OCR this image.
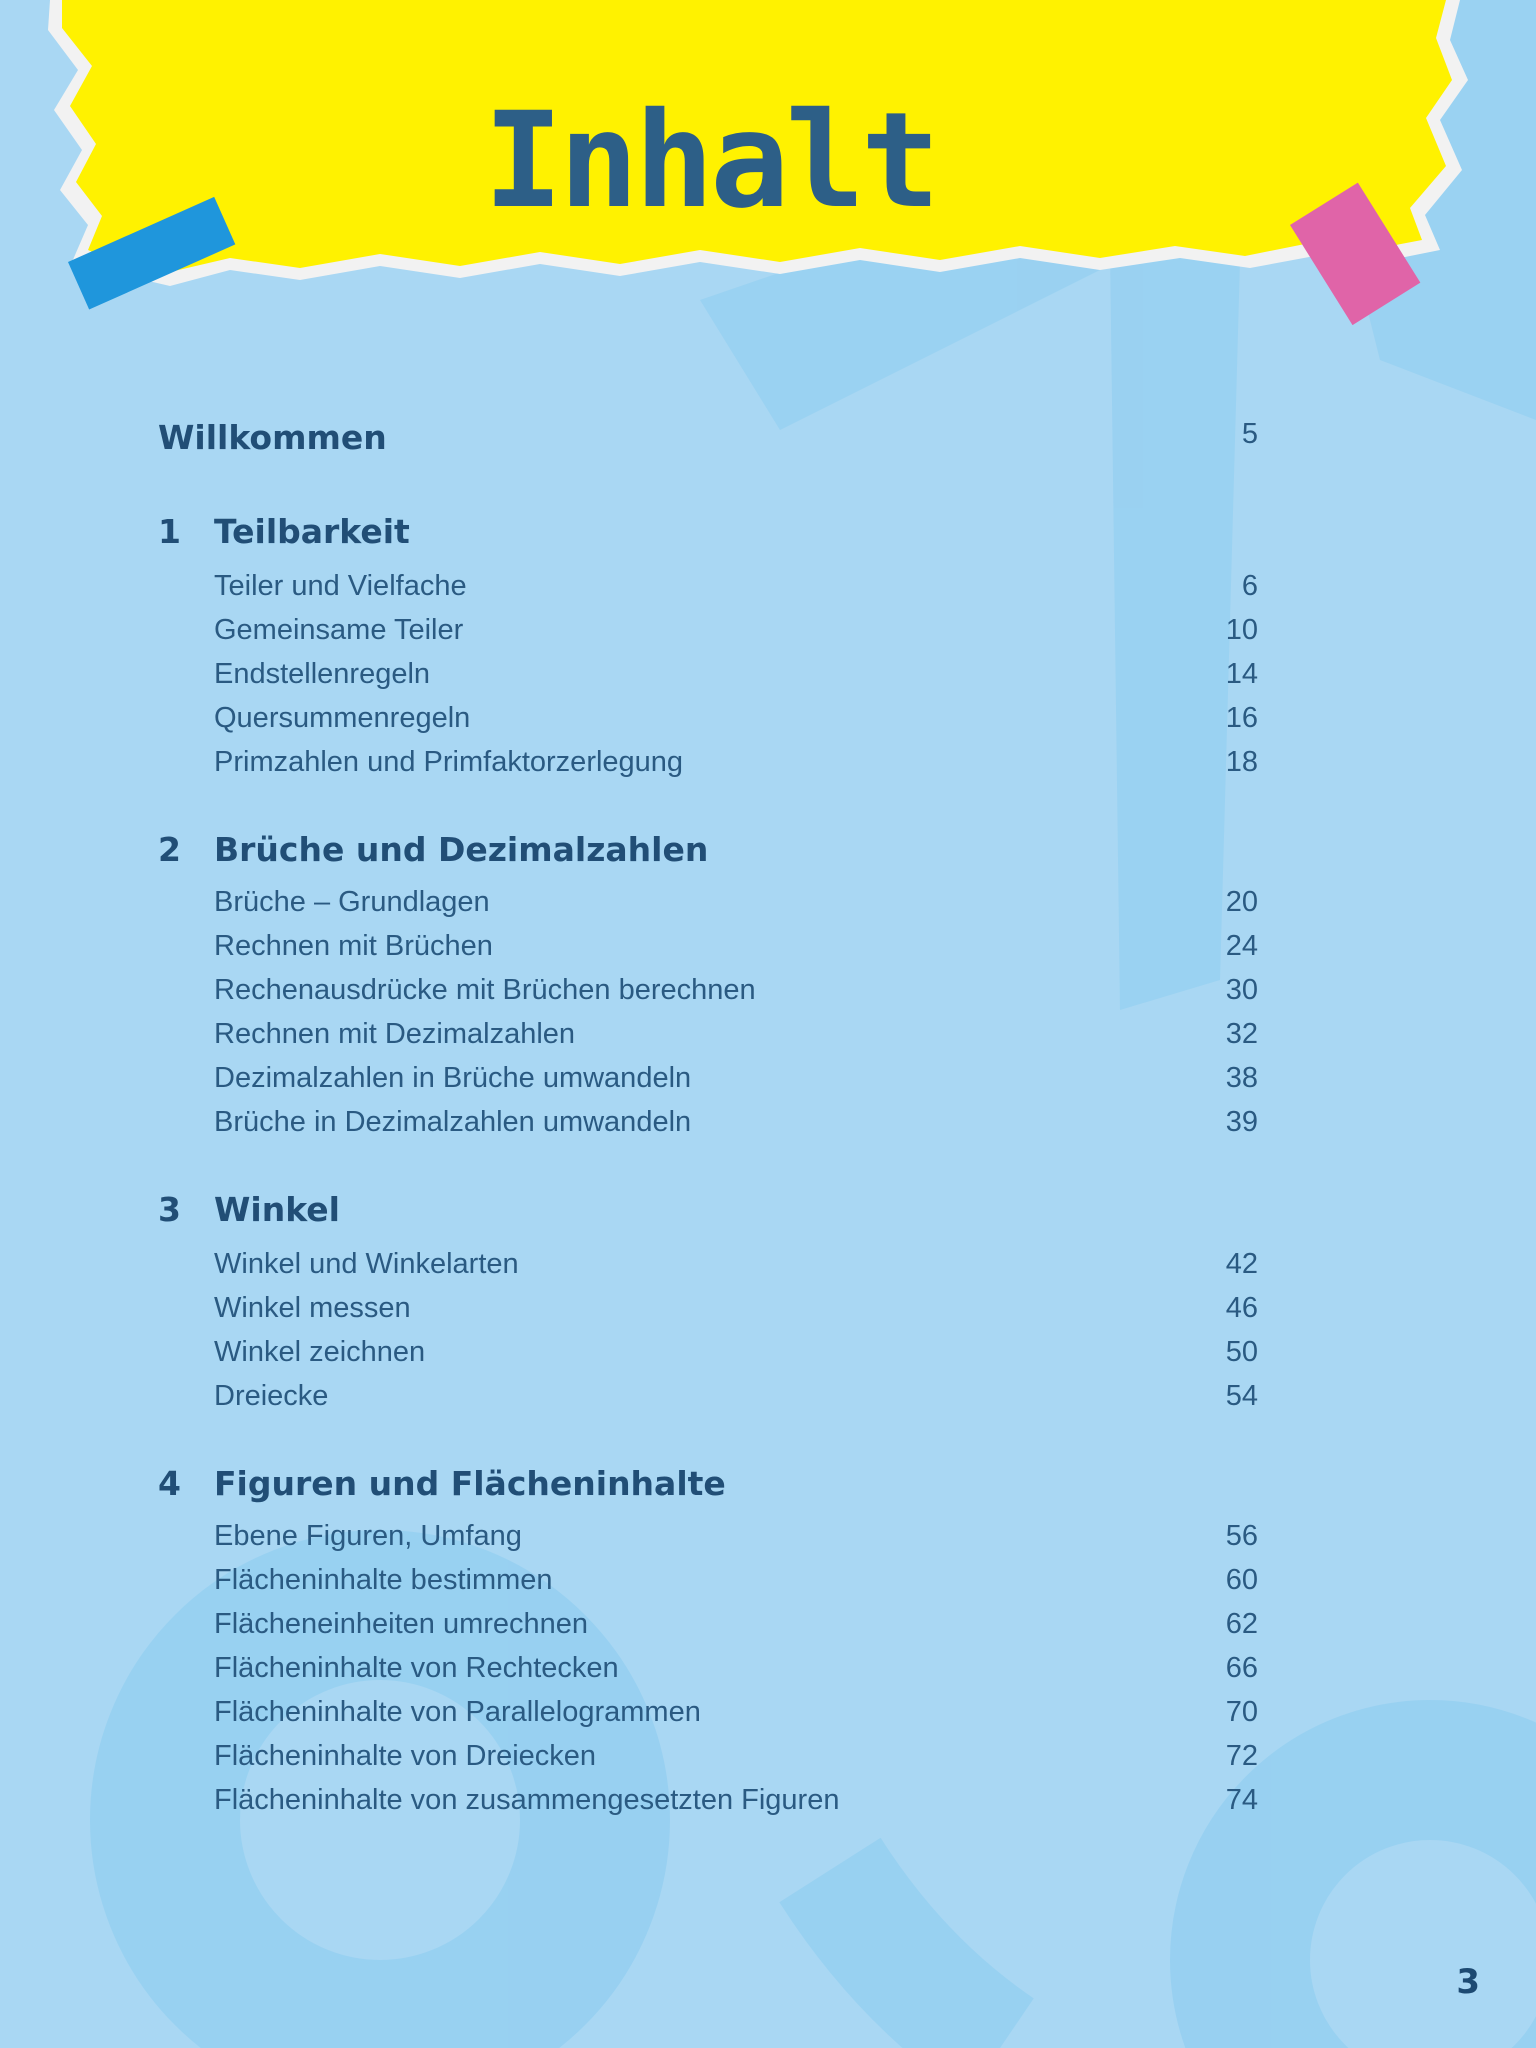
Inhalt
Willkommen	5
1 Teilbarkeit
Teiler und Vielfache	6
Gemeinsame Teiler	10
Endstellenregeln	14
Quersummenregeln	16
Primzahlen und Primfaktorzerlegung	18
2 Brüche und Dezimalzahlen
Brüche – Grundlagen	20
Rechnen mit Brüchen	24
Rechenausdrücke mit Brüchen berechnen	30
Rechnen mit Dezimalzahlen	32
Dezimalzahlen in Brüche umwandeln	38
Brüche in Dezimalzahlen umwandeln	39
3 Winkel
Winkel und Winkelarten	42
Winkel messen	46
Winkel zeichnen	50
Dreiecke	54
4 Figuren und Flächeninhalte
Ebene Figuren, Umfang	56
Flächeninhalte bestimmen	60
Flächeneinheiten umrechnen	62
Flächeninhalte von Rechtecken	66
Flächeninhalte von Parallelogrammen	70
Flächeninhalte von Dreiecken	72
Flächeninhalte von zusammengesetzten Figuren	74
3
